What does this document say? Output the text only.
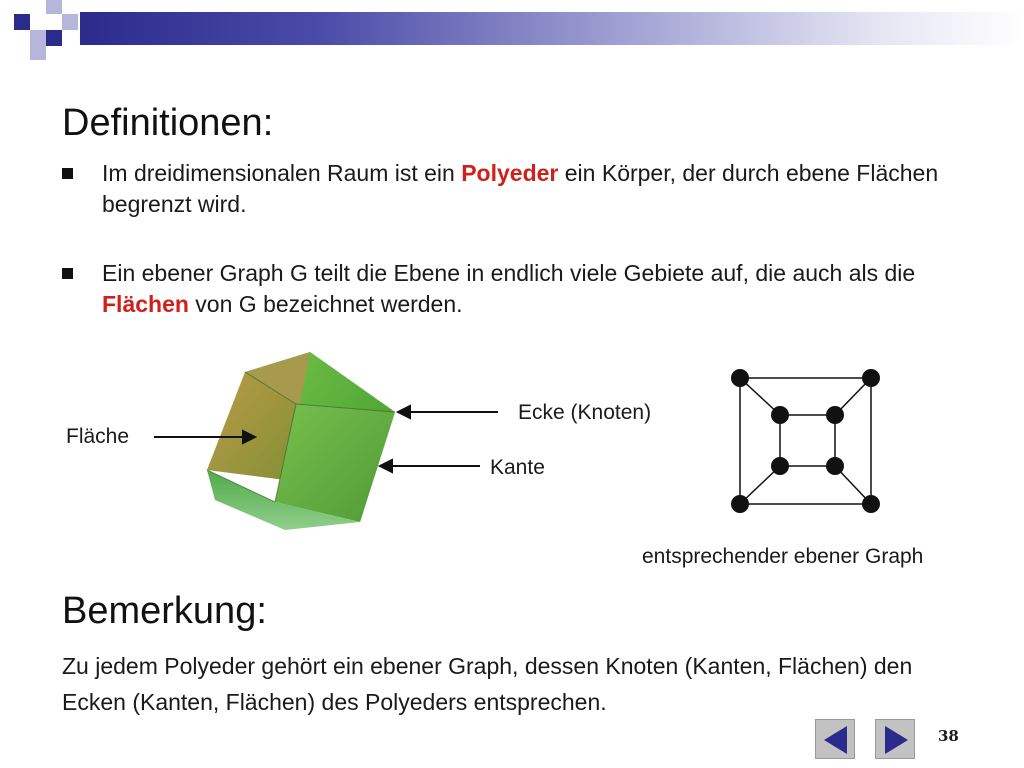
Definitionen:
Im dreidimensionalen Raum ist ein Polyeder ein Körper, der durch ebene Flächen begrenzt wird.
Ein ebener Graph G teilt die Ebene in endlich viele Gebiete auf, die auch als die Flächen von G bezeichnet werden.
Fläche
Ecke (Knoten)
Kante
entsprechender ebener Graph
Bemerkung:

Zu jedem Polyeder gehört ein ebener Graph, dessen Knoten (Kanten, Flächen) den Ecken (Kanten, Flächen) des Polyeders entsprechen.

38
